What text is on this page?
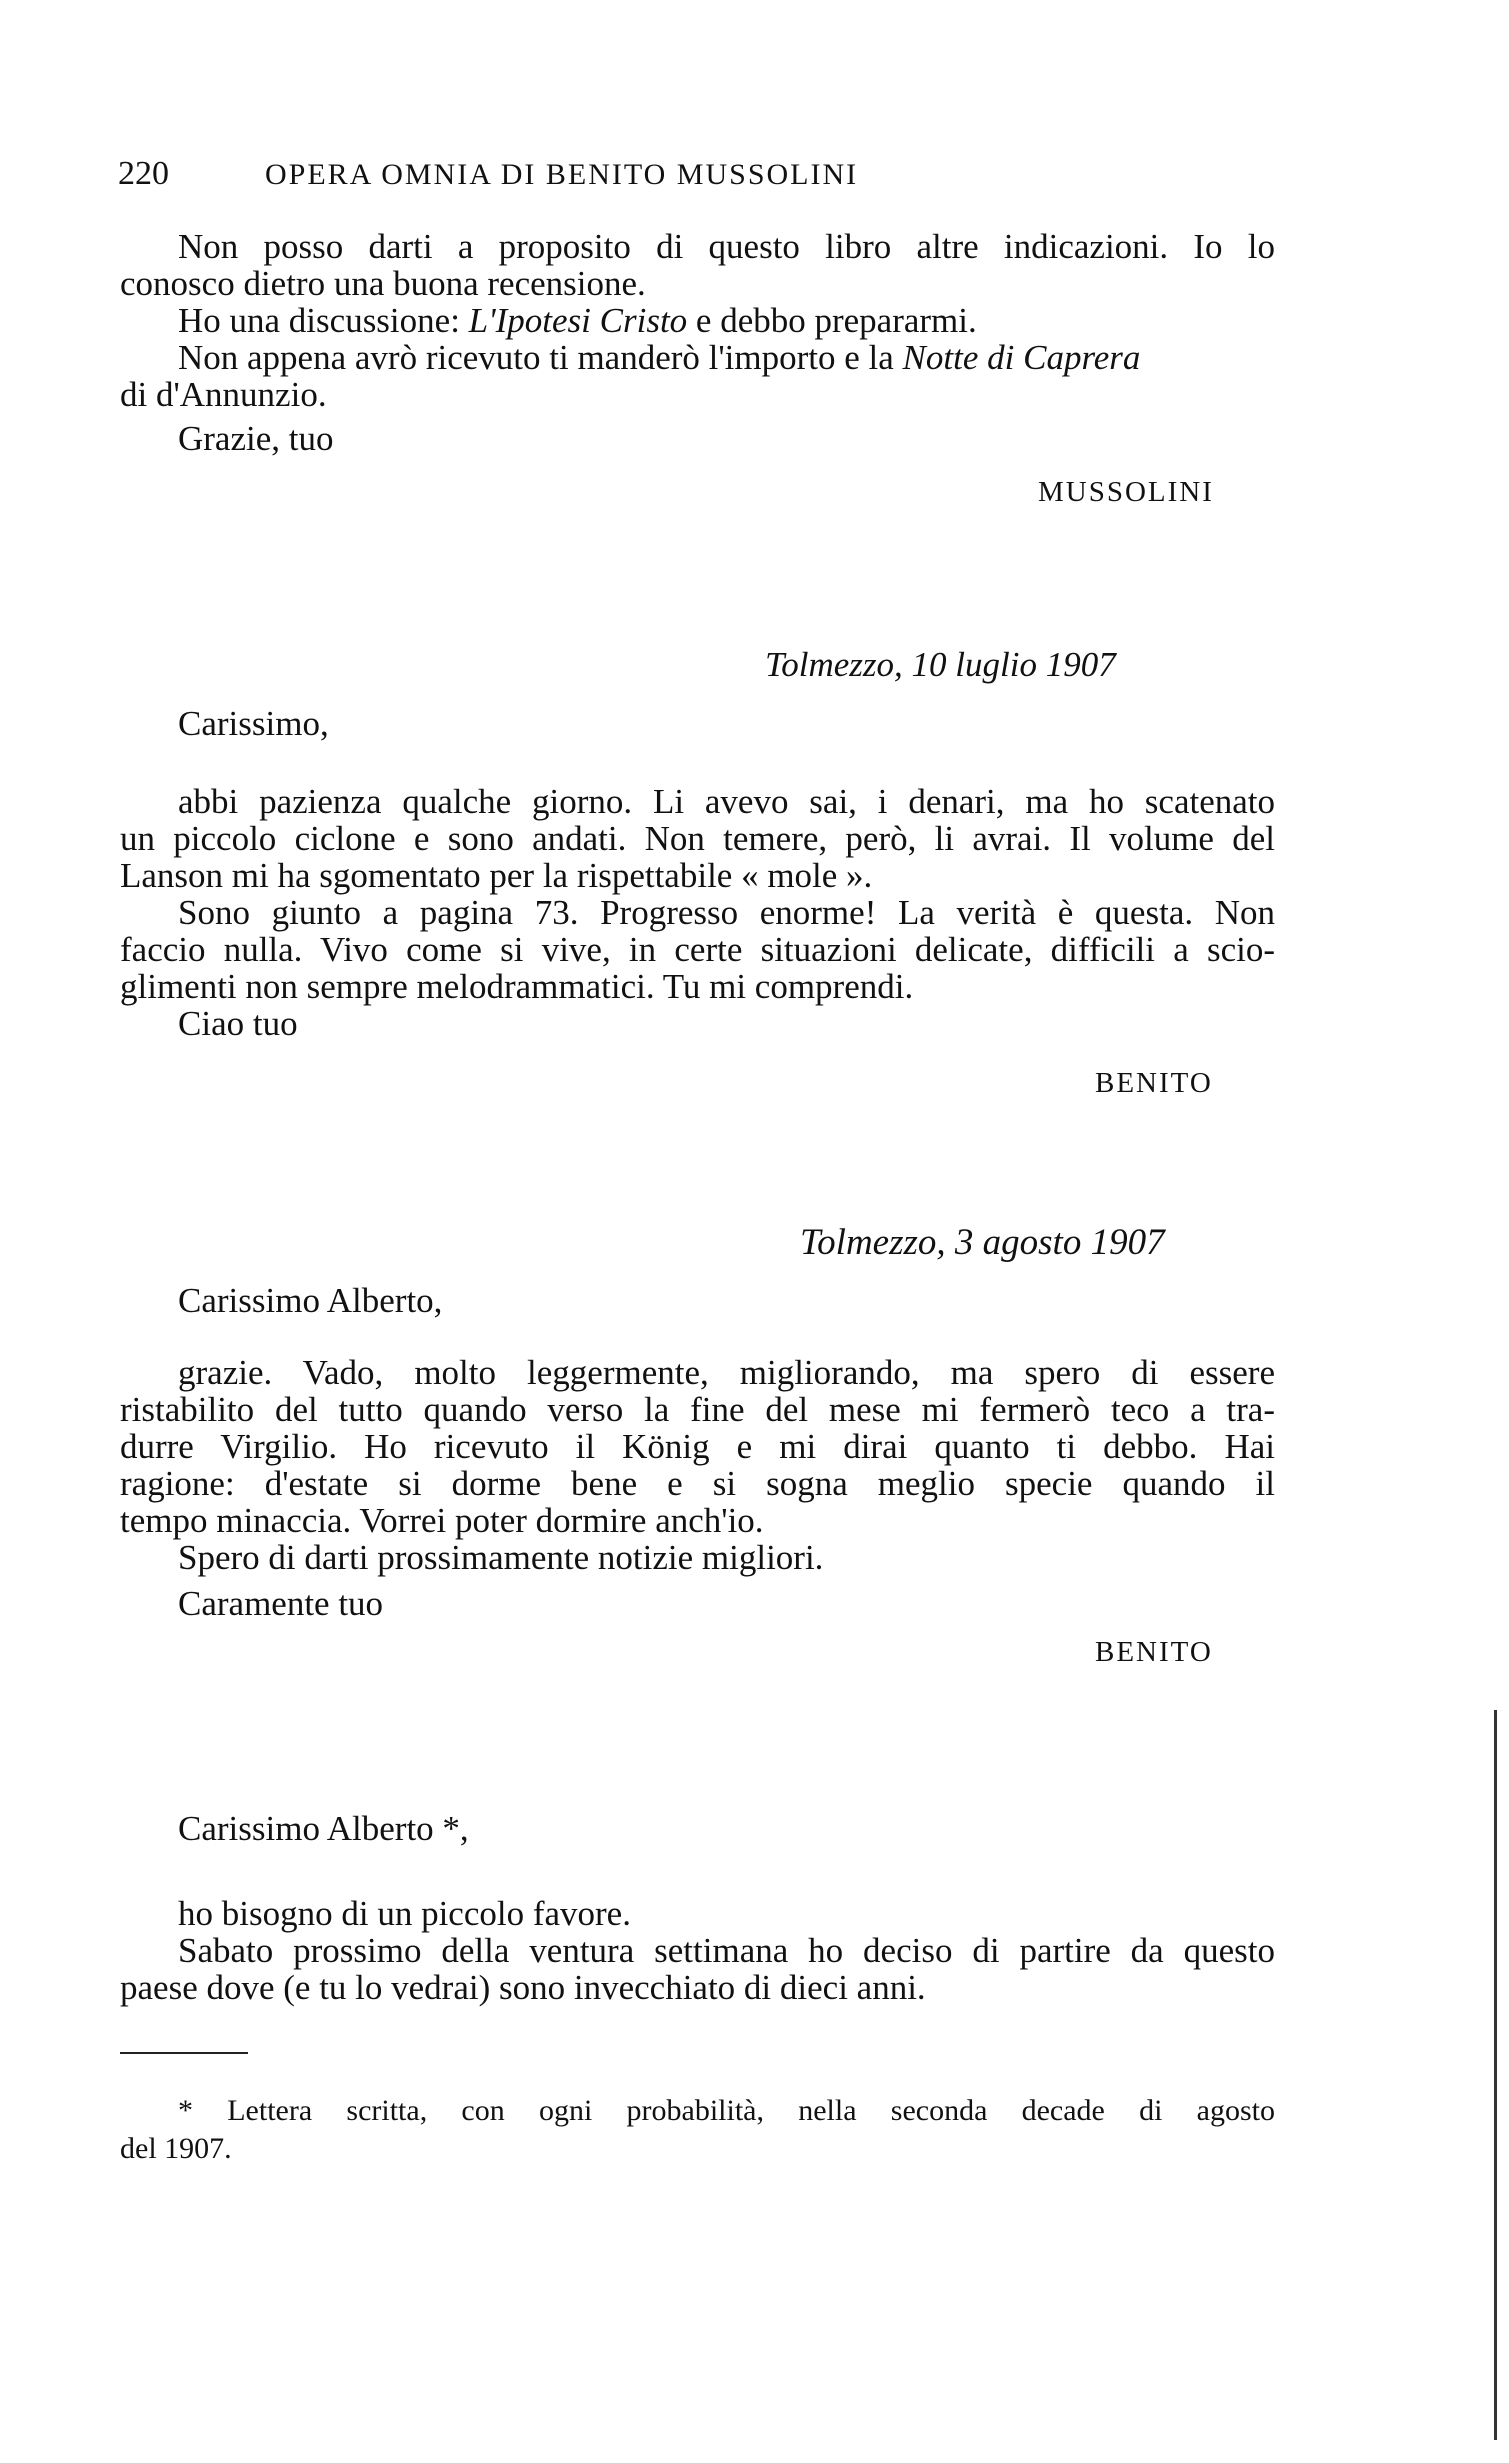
220	OPERA OMNIA DI BENITO MUSSOLINI
Non posso darti a proposito di questo libro altre indicazioni. Io lo
conosco dietro una buona recensione.
Ho una discussione: L'Ipotesi Cristo e debbo prepararmi.
Non appena avrò ricevuto ti manderò l'importo e la Notte di Caprera
di d'Annunzio.
Grazie, tuo
MUSSOLINI
Tolmezzo, 10 luglio 1907
Carissimo,
abbi pazienza qualche giorno. Li avevo sai, i denari, ma ho scatenato
un piccolo ciclone e sono andati. Non temere, però, li avrai. Il volume del
Lanson mi ha sgomentato per la rispettabile « mole ».
Sono giunto a pagina 73. Progresso enorme! La verità è questa. Non
faccio nulla. Vivo come si vive, in certe situazioni delicate, difficili a scio-
glimenti non sempre melodrammatici. Tu mi comprendi.
Ciao tuo
BENITO
Tolmezzo, 3 agosto 1907
Carissimo Alberto,
grazie. Vado, molto leggermente, migliorando, ma spero di essere
ristabilito del tutto quando verso la fine del mese mi fermerò teco a tra-
durre Virgilio. Ho ricevuto il König e mi dirai quanto ti debbo. Hai
ragione: d'estate si dorme bene e si sogna meglio specie quando il
tempo minaccia. Vorrei poter dormire anch'io.
Spero di darti prossimamente notizie migliori.
Caramente tuo
BENITO
Carissimo Alberto *,
ho bisogno di un piccolo favore.
Sabato prossimo della ventura settimana ho deciso di partire da questo
paese dove (e tu lo vedrai) sono invecchiato di dieci anni.
* Lettera scritta, con ogni probabilità, nella seconda decade di agosto
del 1907.
